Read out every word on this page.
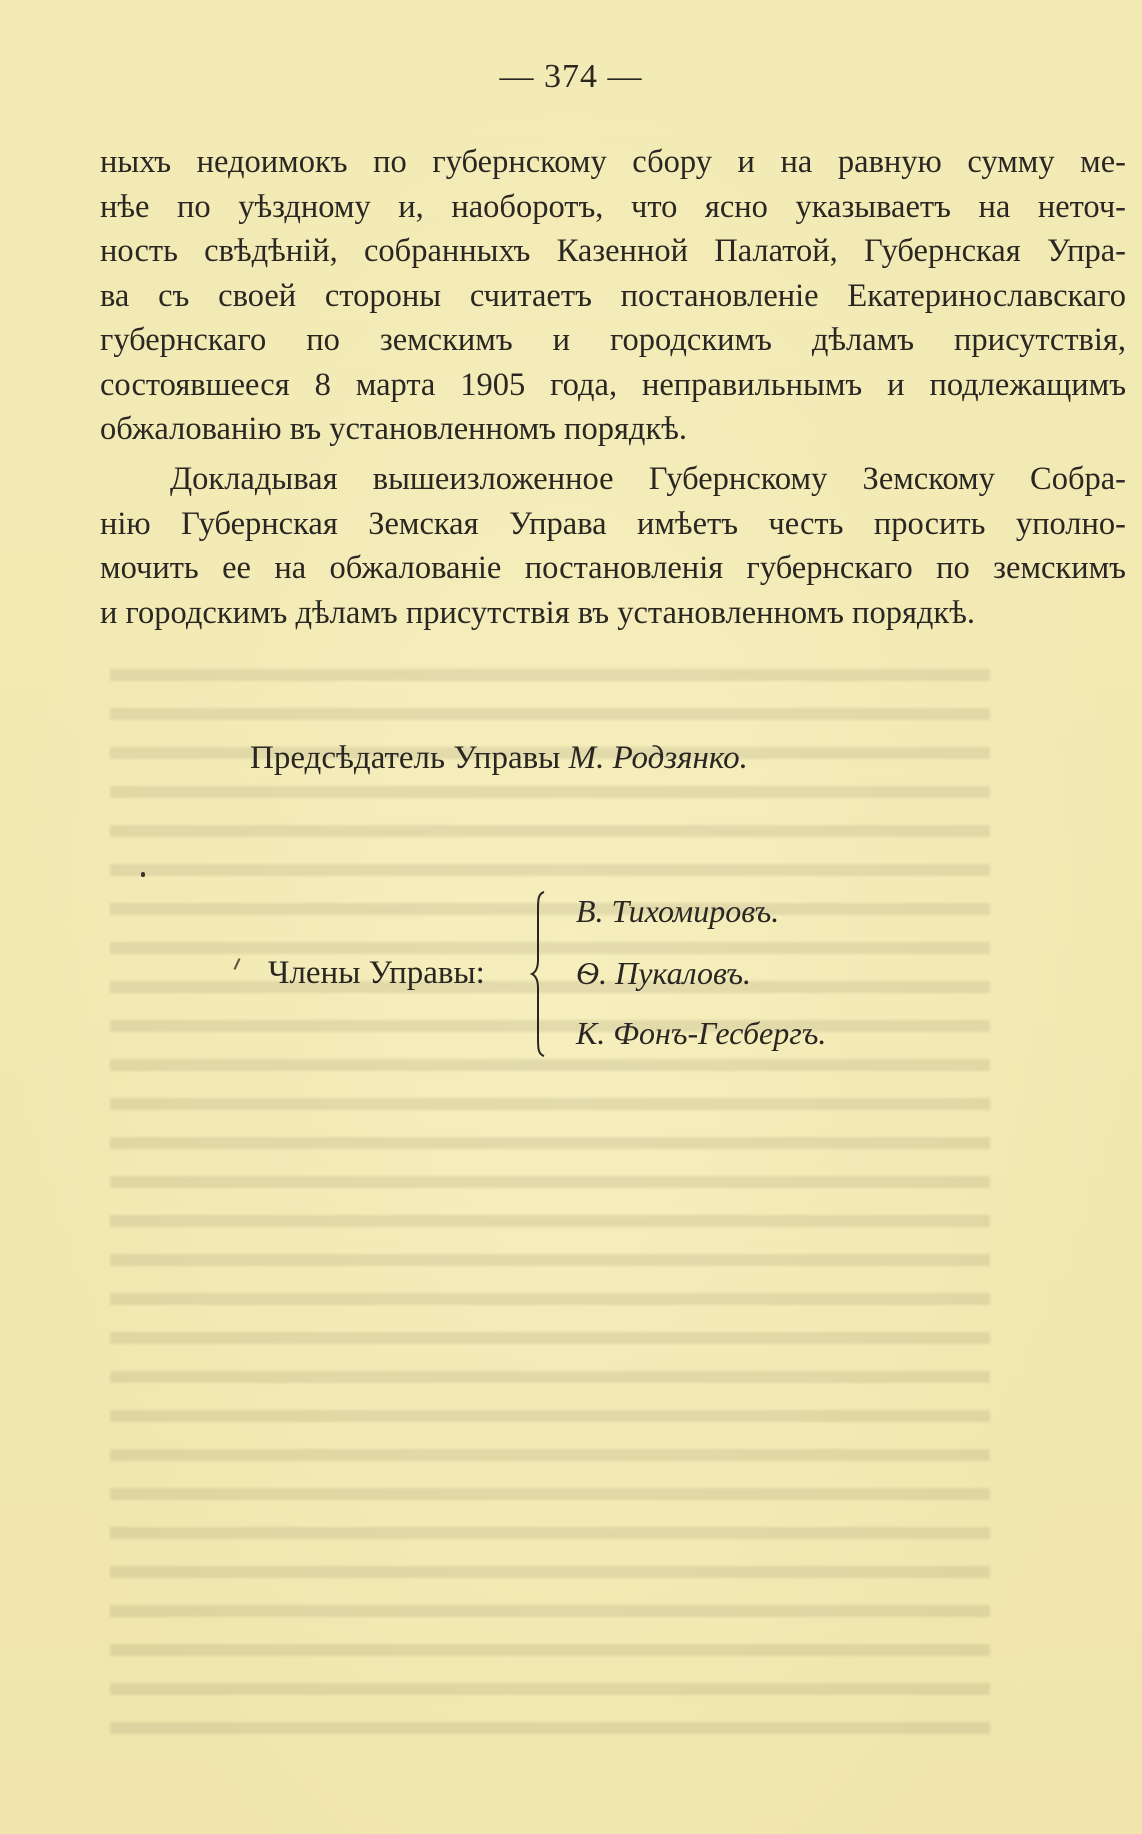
— 374 —
ныхъ недоимокъ по губернскому сбору и на равную сумму ме-
нѣе по уѣздному и, наоборотъ, что ясно указываетъ на неточ-
ность свѣдѣній, собранныхъ Казенной Палатой, Губернская Упра-
ва съ своей стороны считаетъ постановленіе Екатеринославскаго
губернскаго по земскимъ и городскимъ дѣламъ присутствія,
состоявшееся 8 марта 1905 года, неправильнымъ и подлежащимъ
обжалованію въ установленномъ порядкѣ.
Докладывая вышеизложенное Губернскому Земскому Собра-
нію Губернская Земская Управа имѣетъ честь просить уполно-
мочить ее на обжалованіе постановленія губернскаго по земскимъ
и городскимъ дѣламъ присутствія въ установленномъ порядкѣ.
Предсѣдатель Управы М. Родзянко.
Члены Управы:
В. Тихомировъ.
Ѳ. Пукаловъ.
К. Фонъ-Гесбергъ.
